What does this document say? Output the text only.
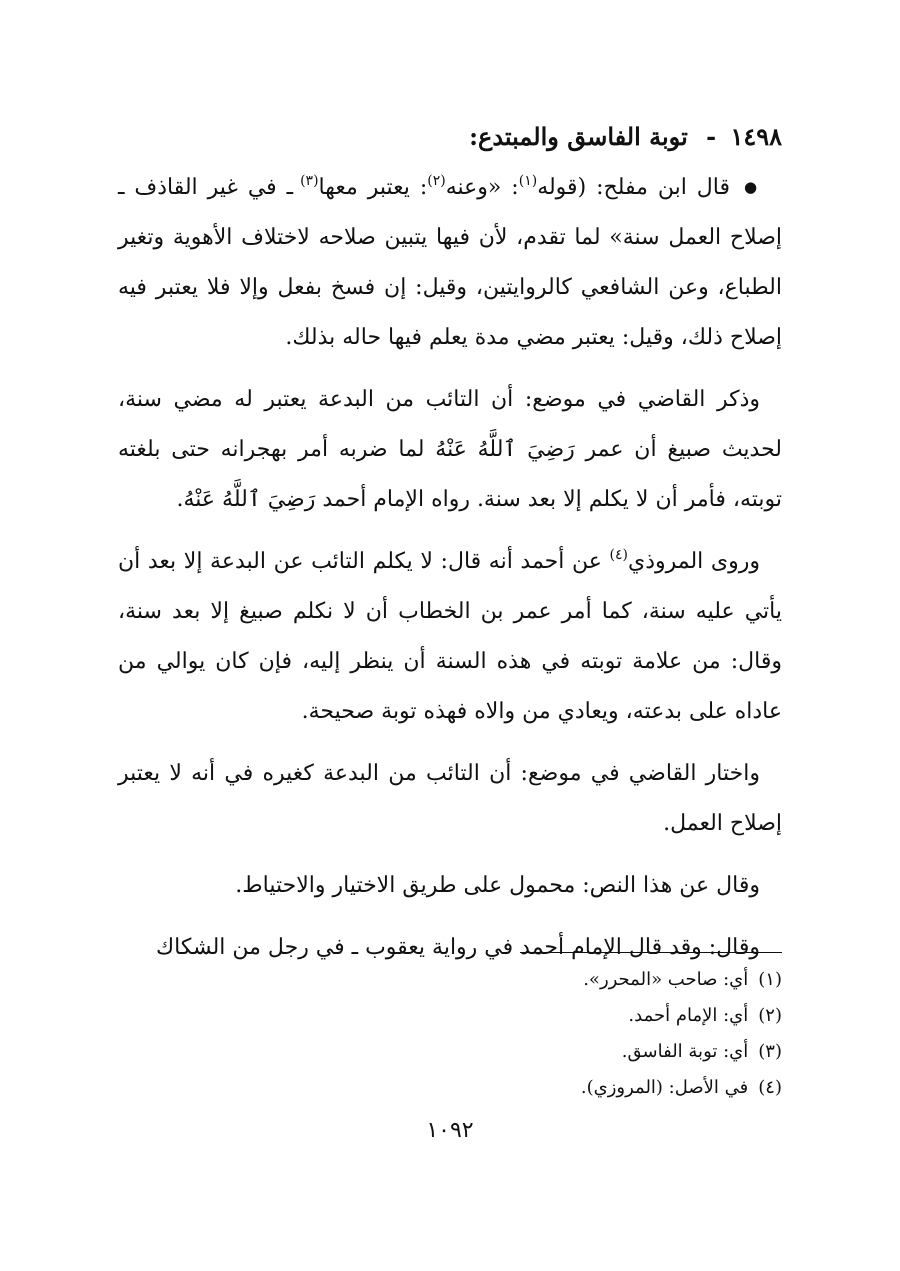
١٤٩٨ - توبة الفاسق والمبتدع:

● قال ابن مفلح: (قوله$^{(١)}$: «وعنه$^{(٢)}$: يعتبر معها$^{(٣)}$ ـ في غير القاذف ـ إصلاح العمل سنة» لما تقدم، لأن فيها يتبين صلاحه لاختلاف الأهوية وتغير الطباع، وعن الشافعي كالروايتين، وقيل: إن فسخ بفعل وإلا فلا يعتبر فيه إصلاح ذلك، وقيل: يعتبر مضي مدة يعلم فيها حاله بذلك.

وذكر القاضي في موضع: أن التائب من البدعة يعتبر له مضي سنة، لحديث صبيغ أن عمر رَضِيَ ٱللَّهُ عَنْهُ لما ضربه أمر بهجرانه حتى بلغته توبته، فأمر أن لا يكلم إلا بعد سنة. رواه الإمام أحمد رَضِيَ ٱللَّهُ عَنْهُ.

وروى المروذي$^{(٤)}$ عن أحمد أنه قال: لا يكلم التائب عن البدعة إلا بعد أن يأتي عليه سنة، كما أمر عمر بن الخطاب أن لا نكلم صبيغ إلا بعد سنة، وقال: من علامة توبته في هذه السنة أن ينظر إليه، فإن كان يوالي من عاداه على بدعته، ويعادي من والاه فهذه توبة صحيحة.

واختار القاضي في موضع: أن التائب من البدعة كغيره في أنه لا يعتبر إصلاح العمل.

وقال عن هذا النص: محمول على طريق الاختيار والاحتياط.

وقال: وقد قال الإمام أحمد في رواية يعقوب ـ في رجل من الشكاك

(١)أي: صاحب «المحرر».

(٢)أي: الإمام أحمد.

(٣)أي: توبة الفاسق.

(٤)في الأصل: (المروزي).

١٠٩٢
